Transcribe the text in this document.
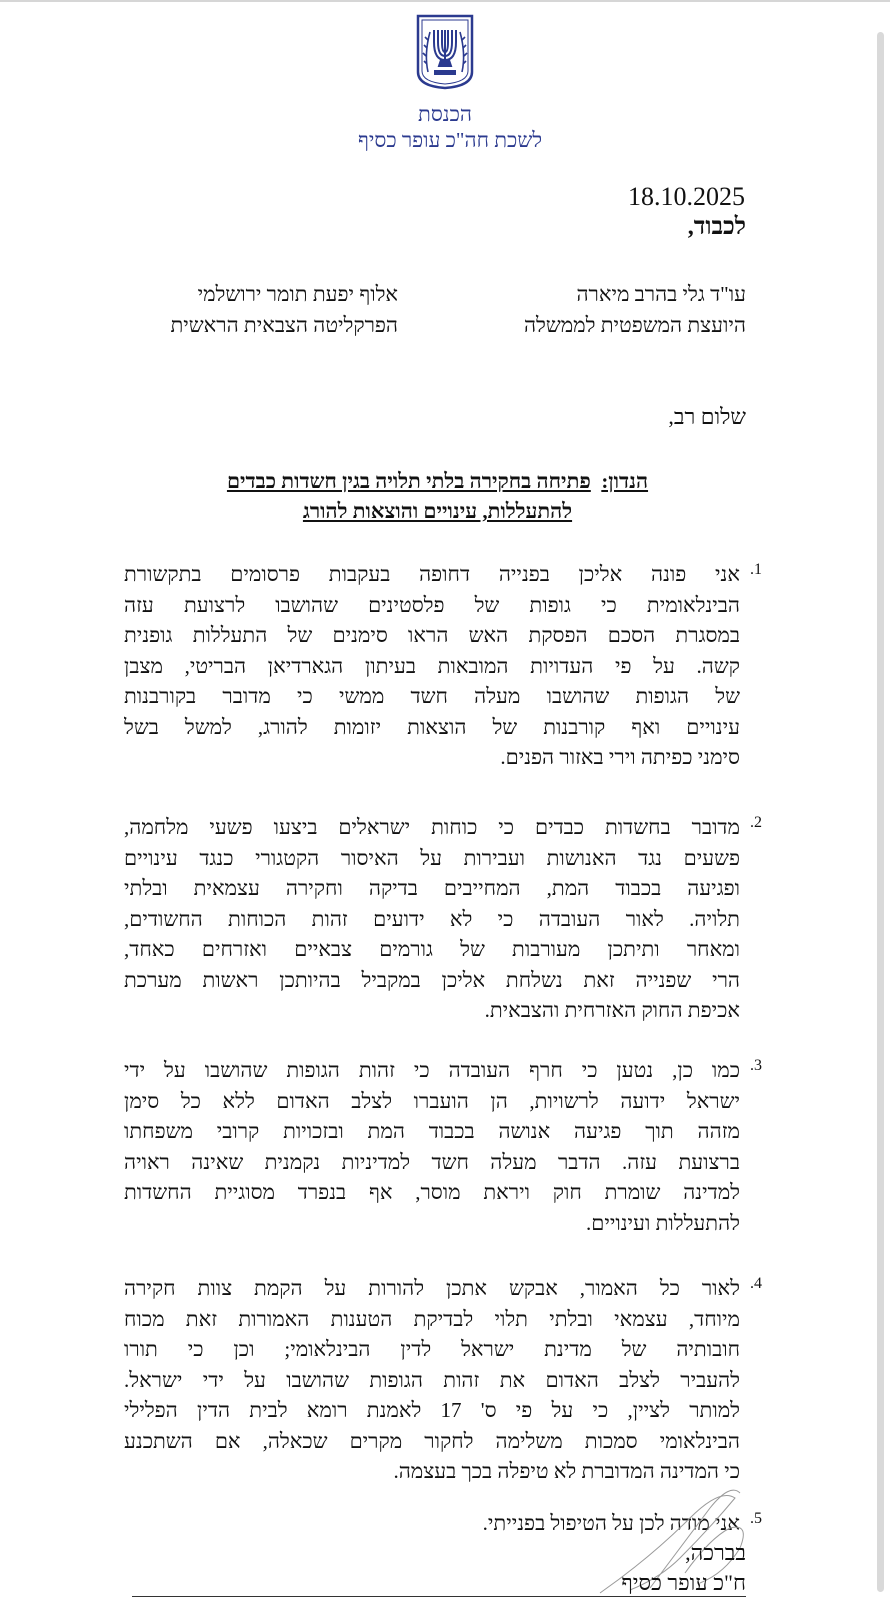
הכנסת
לשכת חה"כ עופר כסיף
18.10.2025
לכבוד,
עו"ד גלי בהרב מיארה
היועצת המשפטית לממשלה
אלוף יפעת תומר ירושלמי
הפרקליטה הצבאית הראשית
שלום רב,
הנדון:  פתיחה בחקירה בלתי תלויה בגין חשדות כבדים
להתעללות, עינויים והוצאות להורג
1.
אני פונה אליכן בפנייה דחופה בעקבות פרסומים בתקשורת
הבינלאומית כי גופות של פלסטינים שהושבו לרצועת עזה
במסגרת הסכם הפסקת האש הראו סימנים של התעללות גופנית
קשה. על פי העדויות המובאות בעיתון הגארדיאן הבריטי, מצבן
של הגופות שהושבו מעלה חשד ממשי כי מדובר בקורבנות
עינויים ואף קורבנות של הוצאות יזומות להורג, למשל בשל
סימני כפיתה וירי באזור הפנים.
2.
מדובר בחשדות כבדים כי כוחות ישראלים ביצעו פשעי מלחמה,
פשעים נגד האנושות ועבירות על האיסור הקטגורי כנגד עינויים
ופגיעה בכבוד המת, המחייבים בדיקה וחקירה עצמאית ובלתי
תלויה. לאור העובדה כי לא ידועים זהות הכוחות החשודים,
ומאחר ותיתכן מעורבות של גורמים צבאיים ואזרחים כאחד,
הרי שפנייה זאת נשלחת אליכן במקביל בהיותכן ראשות מערכת
אכיפת החוק האזרחית והצבאית.
3.
כמו כן, נטען כי חרף העובדה כי זהות הגופות שהושבו על ידי
ישראל ידועה לרשויות, הן הועברו לצלב האדום ללא כל סימן
מזהה תוך פגיעה אנושה בכבוד המת ובזכויות קרובי משפחתו
ברצועת עזה. הדבר מעלה חשד למדיניות נקמנית שאינה ראויה
למדינה שומרת חוק ויראת מוסר, אף בנפרד מסוגיית החשדות
להתעללות ועינויים.
4.
לאור כל האמור, אבקש אתכן להורות על הקמת צוות חקירה
מיוחד, עצמאי ובלתי תלוי לבדיקת הטענות האמורות זאת מכוח
חובותיה של מדינת ישראל לדין הבינלאומי; וכן כי תורו
להעביר לצלב האדום את זהות הגופות שהושבו על ידי ישראל.
למותר לציין, כי על פי ס' 17 לאמנת רומא לבית הדין הפלילי
הבינלאומי סמכות משלימה לחקור מקרים שכאלה, אם השתכנע
כי המדינה המדוברת לא טיפלה בכך בעצמה.
5.
אני מודה לכן על הטיפול בפנייתי.
בברכה,
ח"כ עופר כסיף
